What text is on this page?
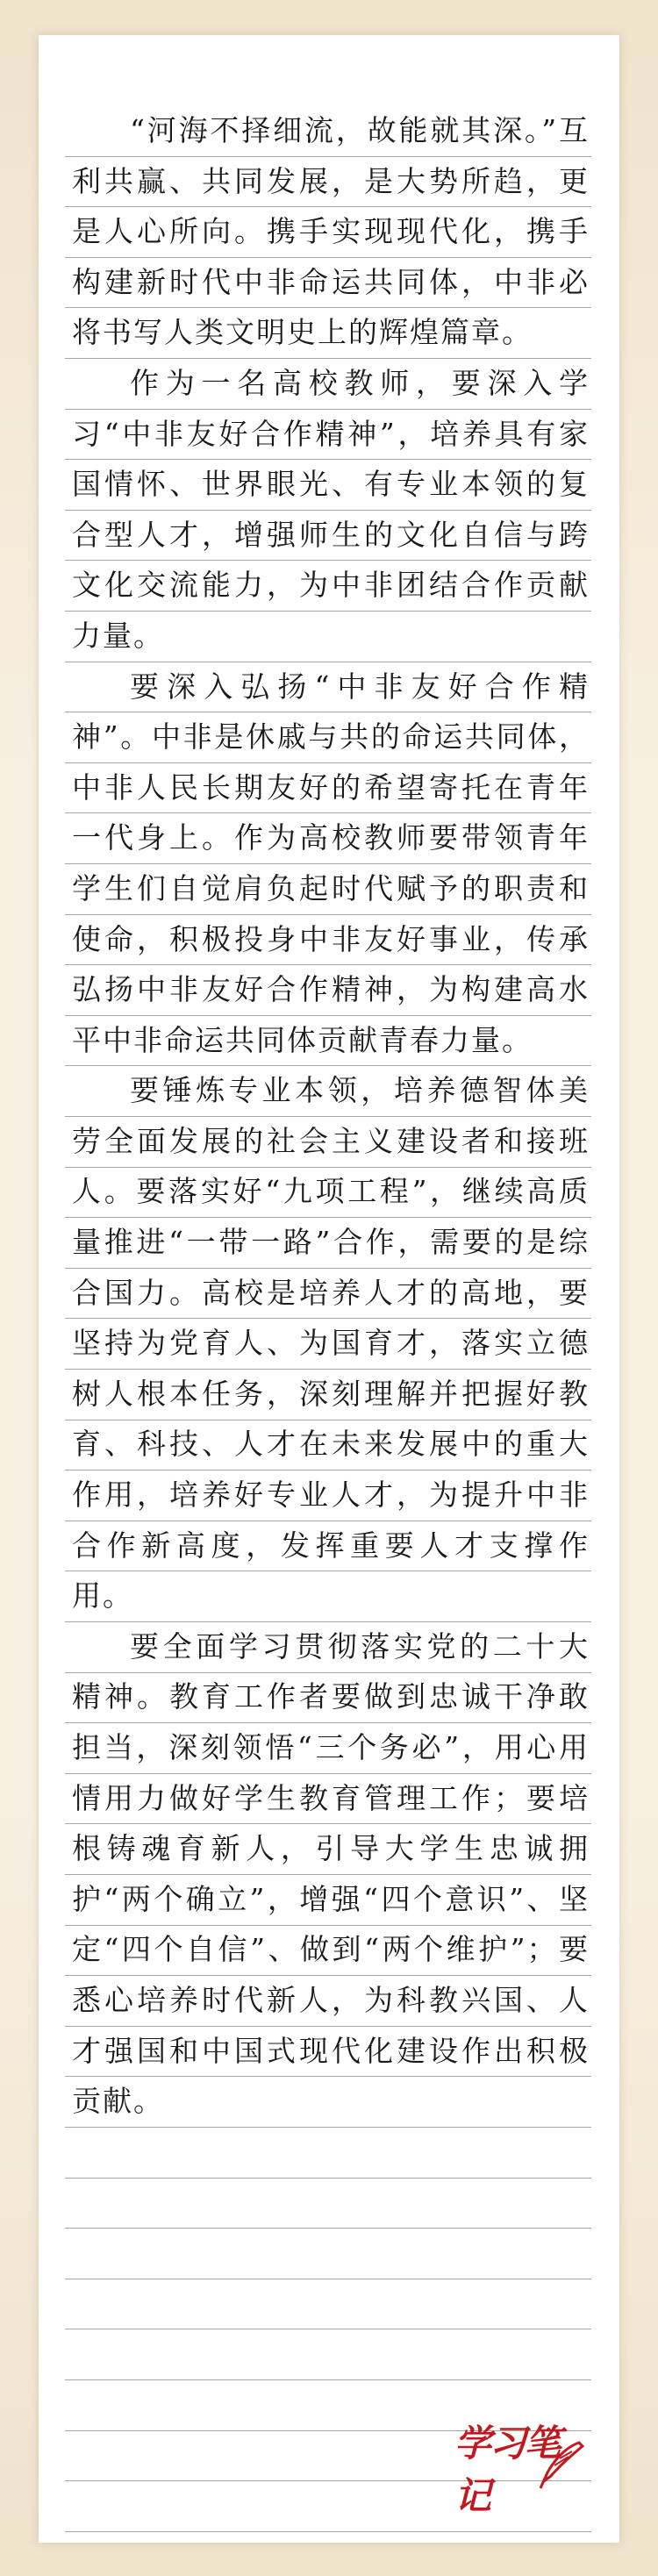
“河海不择细流，故能就其深。”互利共赢、共同发展，是大势所趋，更是人心所向。携手实现现代化，携手构建新时代中非命运共同体，中非必将书写人类文明史上的辉煌篇章。

作为一名高校教师，要深入学习“中非友好合作精神”，培养具有家国情怀、世界眼光、有专业本领的复合型人才，增强师生的文化自信与跨文化交流能力，为中非团结合作贡献力量。

要深入弘扬“中非友好合作精神”。中非是休戚与共的命运共同体，中非人民长期友好的希望寄托在青年一代身上。作为高校教师要带领青年学生们自觉肩负起时代赋予的职责和使命，积极投身中非友好事业，传承弘扬中非友好合作精神，为构建高水平中非命运共同体贡献青春力量。

要锤炼专业本领，培养德智体美劳全面发展的社会主义建设者和接班人。要落实好“九项工程”，继续高质量推进“一带一路”合作，需要的是综合国力。高校是培养人才的高地，要坚持为党育人、为国育才，落实立德树人根本任务，深刻理解并把握好教育、科技、人才在未来发展中的重大作用，培养好专业人才，为提升中非合作新高度，发挥重要人才支撑作用。

要全面学习贯彻落实党的二十大精神。教育工作者要做到忠诚干净敢担当，深刻领悟“三个务必”，用心用情用力做好学生教育管理工作；要培根铸魂育新人，引导大学生忠诚拥护“两个确立”，增强“四个意识”、坚定“四个自信”、做到“两个维护”；要悉心培养时代新人，为科教兴国、人才强国和中国式现代化建设作出积极贡献。

学习笔记
